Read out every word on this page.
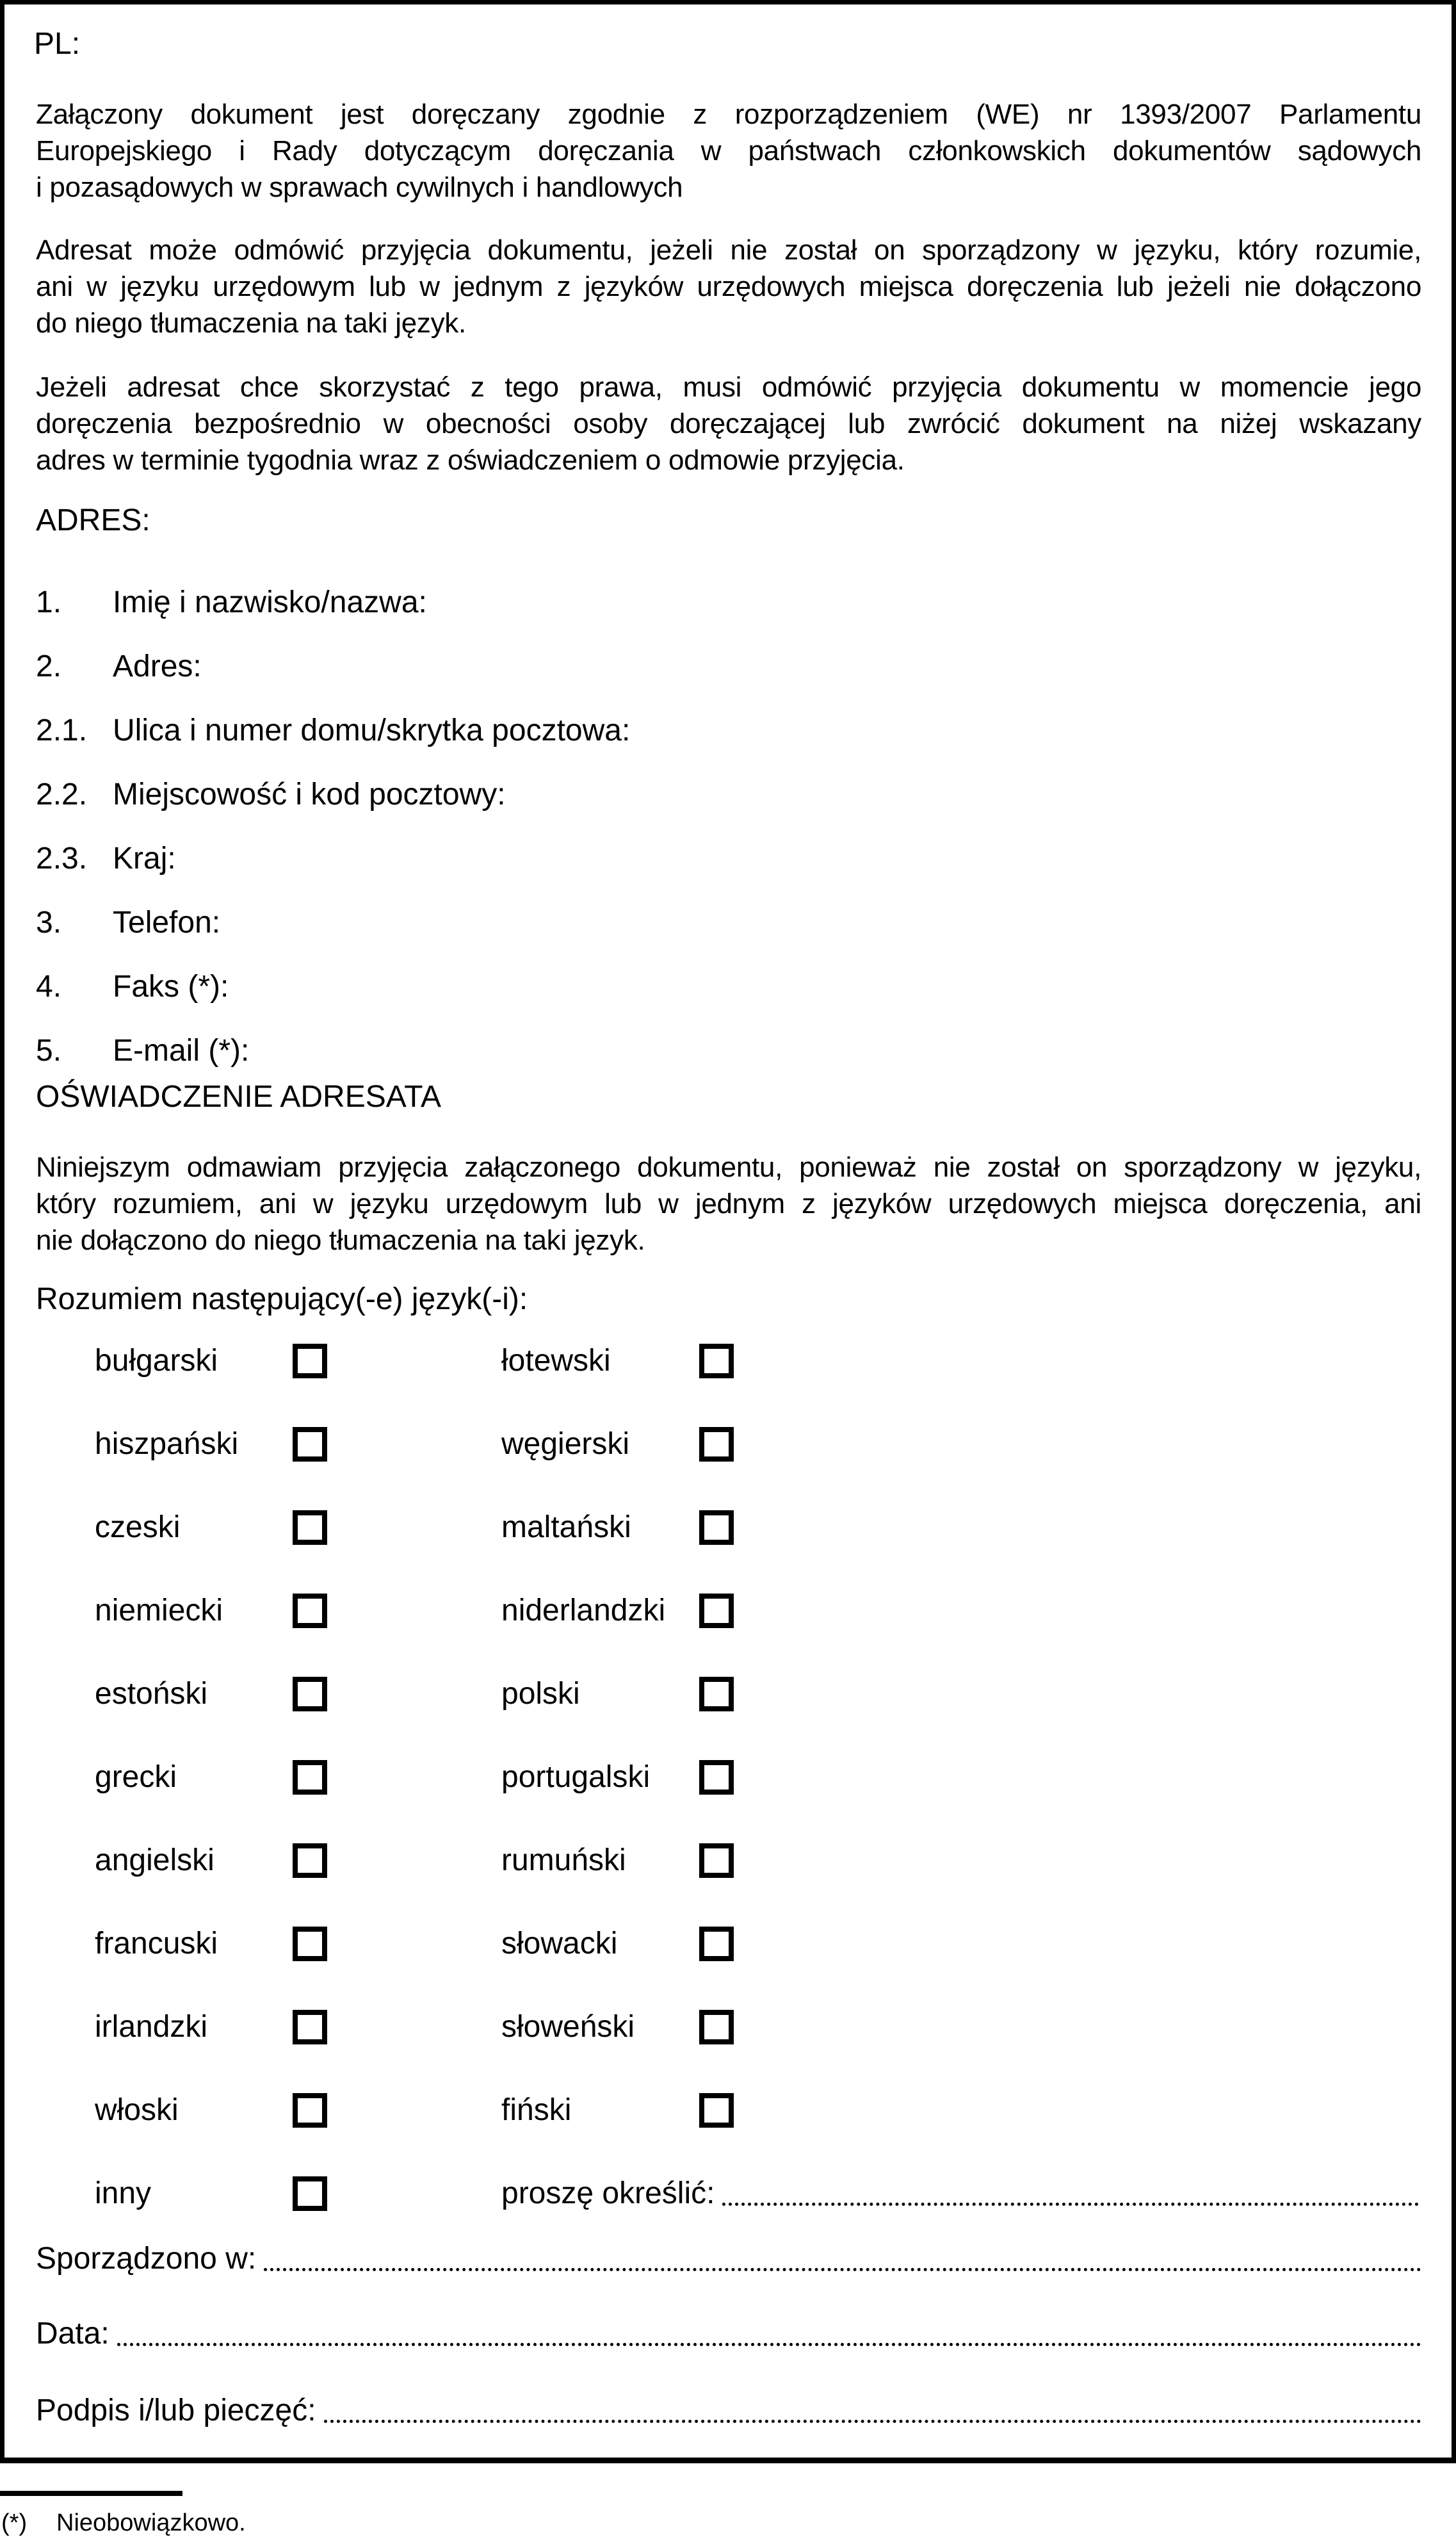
PL:
Załączony dokument jest doręczany zgodnie z rozporządzeniem (WE) nr 1393/2007 Parlamentu
Europejskiego i Rady dotyczącym doręczania w państwach członkowskich dokumentów sądowych
i pozasądowych w sprawach cywilnych i handlowych
Adresat może odmówić przyjęcia dokumentu, jeżeli nie został on sporządzony w języku, który rozumie,
ani w języku urzędowym lub w jednym z języków urzędowych miejsca doręczenia lub jeżeli nie dołączono
do niego tłumaczenia na taki język.
Jeżeli adresat chce skorzystać z tego prawa, musi odmówić przyjęcia dokumentu w momencie jego
doręczenia bezpośrednio w obecności osoby doręczającej lub zwrócić dokument na niżej wskazany
adres w terminie tygodnia wraz z oświadczeniem o odmowie przyjęcia.
ADRES:
1. Imię i nazwisko/nazwa:
2. Adres:
2.1. Ulica i numer domu/skrytka pocztowa:
2.2. Miejscowość i kod pocztowy:
2.3. Kraj:
3. Telefon:
4. Faks (*):
5. E-mail (*):
OŚWIADCZENIE ADRESATA
Niniejszym odmawiam przyjęcia załączonego dokumentu, ponieważ nie został on sporządzony w języku,
który rozumiem, ani w języku urzędowym lub w jednym z języków urzędowych miejsca doręczenia, ani
nie dołączono do niego tłumaczenia na taki język.
Rozumiem następujący(-e) język(-i):
bułgarski	łotewski
hiszpański	węgierski
czeski	maltański
niemiecki	niderlandzki
estoński	polski
grecki	portugalski
angielski	rumuński
francuski	słowacki
irlandzki	słoweński
włoski	fiński
inny	proszę określić:
Sporządzono w:
Data:
Podpis i/lub pieczęć:
(*)	Nieobowiązkowo.
